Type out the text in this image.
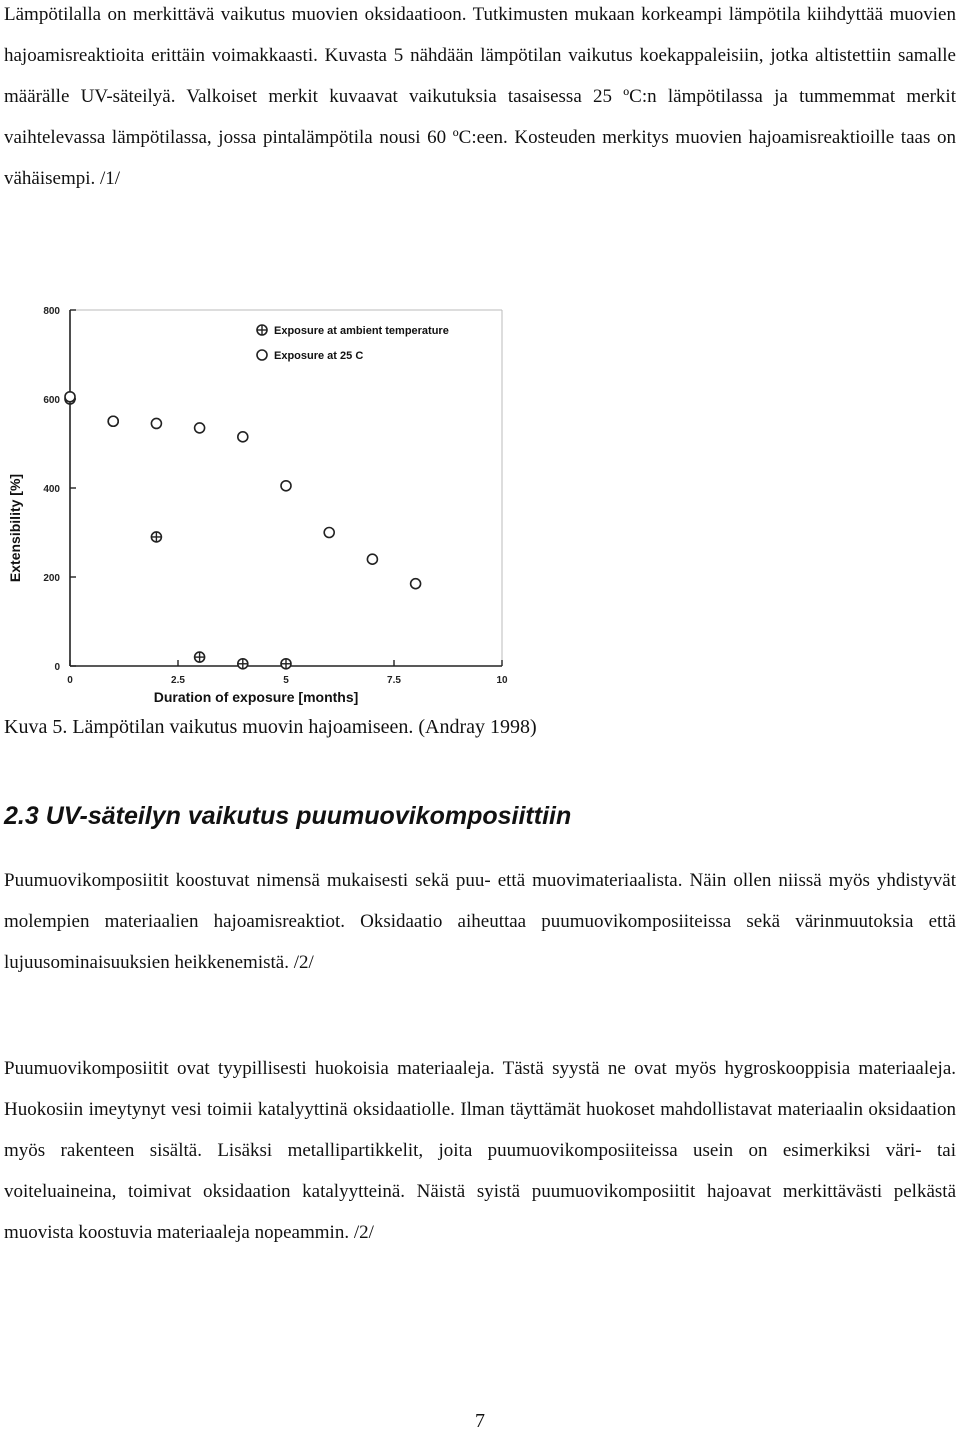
Lämpötilalla on merkittävä vaikutus muovien oksidaatioon. Tutkimusten mukaan korkeampi lämpötila kiihdyttää muovien hajoamisreaktioita erittäin voimakkaasti. Kuvasta 5 nähdään lämpötilan vaikutus koekappaleisiin, jotka altistettiin samalle määrälle UV-säteilyä. Valkoiset merkit kuvaavat vaikutuksia tasaisessa 25 ºC:n lämpötilassa ja tummemmat merkit vaihtelevassa lämpötilassa, jossa pintalämpötila nousi 60 ºC:een. Kosteuden merkitys muovien hajoamisreaktioille taas on vähäisempi. /1/

0
200
400
600
800
0	2.5	5	7.5	10
Duration of exposure [months]
Extensibility [%]
Exposure at ambient temperature
Exposure at 25 C
Kuva 5. Lämpötilan vaikutus muovin hajoamiseen. (Andray 1998)
2.3 UV-säteilyn vaikutus puumuovikomposiittiin

Puumuovikomposiitit koostuvat nimensä mukaisesti sekä puu- että muovimateriaalista. Näin ollen niissä myös yhdistyvät molempien materiaalien hajoamisreaktiot. Oksidaatio aiheuttaa puumuovikomposiiteissa sekä värinmuutoksia että lujuusominaisuuksien heikkenemistä. /2/

Puumuovikomposiitit ovat tyypillisesti huokoisia materiaaleja. Tästä syystä ne ovat myös hygroskooppisia materiaaleja. Huokosiin imeytynyt vesi toimii katalyyttinä oksidaatiolle. Ilman täyttämät huokoset mahdollistavat materiaalin oksidaation myös rakenteen sisältä. Lisäksi metallipartikkelit, joita puumuovikomposiiteissa usein on esimerkiksi väri- tai voiteluaineina, toimivat oksidaation katalyytteinä. Näistä syistä puumuovikomposiitit hajoavat merkittävästi pelkästä muovista koostuvia materiaaleja nopeammin. /2/

7
